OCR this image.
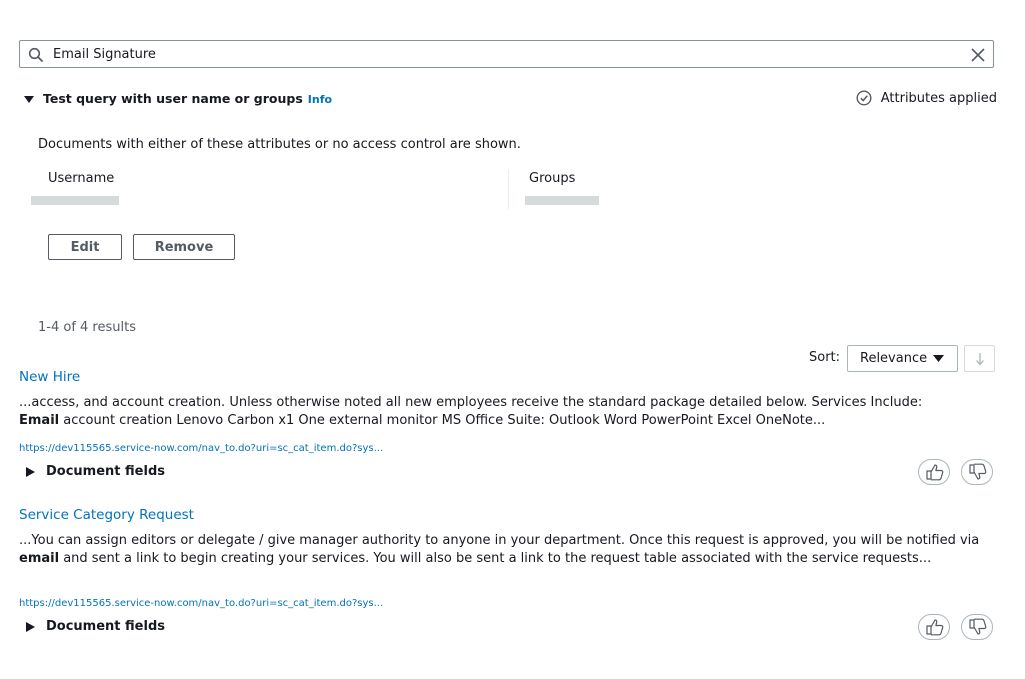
Email Signature
Test query with user name or groups Info	Attributes applied
Documents with either of these attributes or no access control are shown.
Username	Groups
Edit	Remove
1-4 of 4 results
Sort: Relevance
New Hire
...access, and account creation. Unless otherwise noted all new employees receive the standard package detailed below. Services Include:
Email account creation Lenovo Carbon x1 One external monitor MS Office Suite: Outlook Word PowerPoint Excel OneNote...
https://dev115565.service-now.com/nav_to.do?uri=sc_cat_item.do?sys...
Document fields
Service Category Request
...You can assign editors or delegate / give manager authority to anyone in your department. Once this request is approved, you will be notified via email and sent a link to begin creating your services. You will also be sent a link to the request table associated with the service requests...
https://dev115565.service-now.com/nav_to.do?uri=sc_cat_item.do?sys...
Document fields
